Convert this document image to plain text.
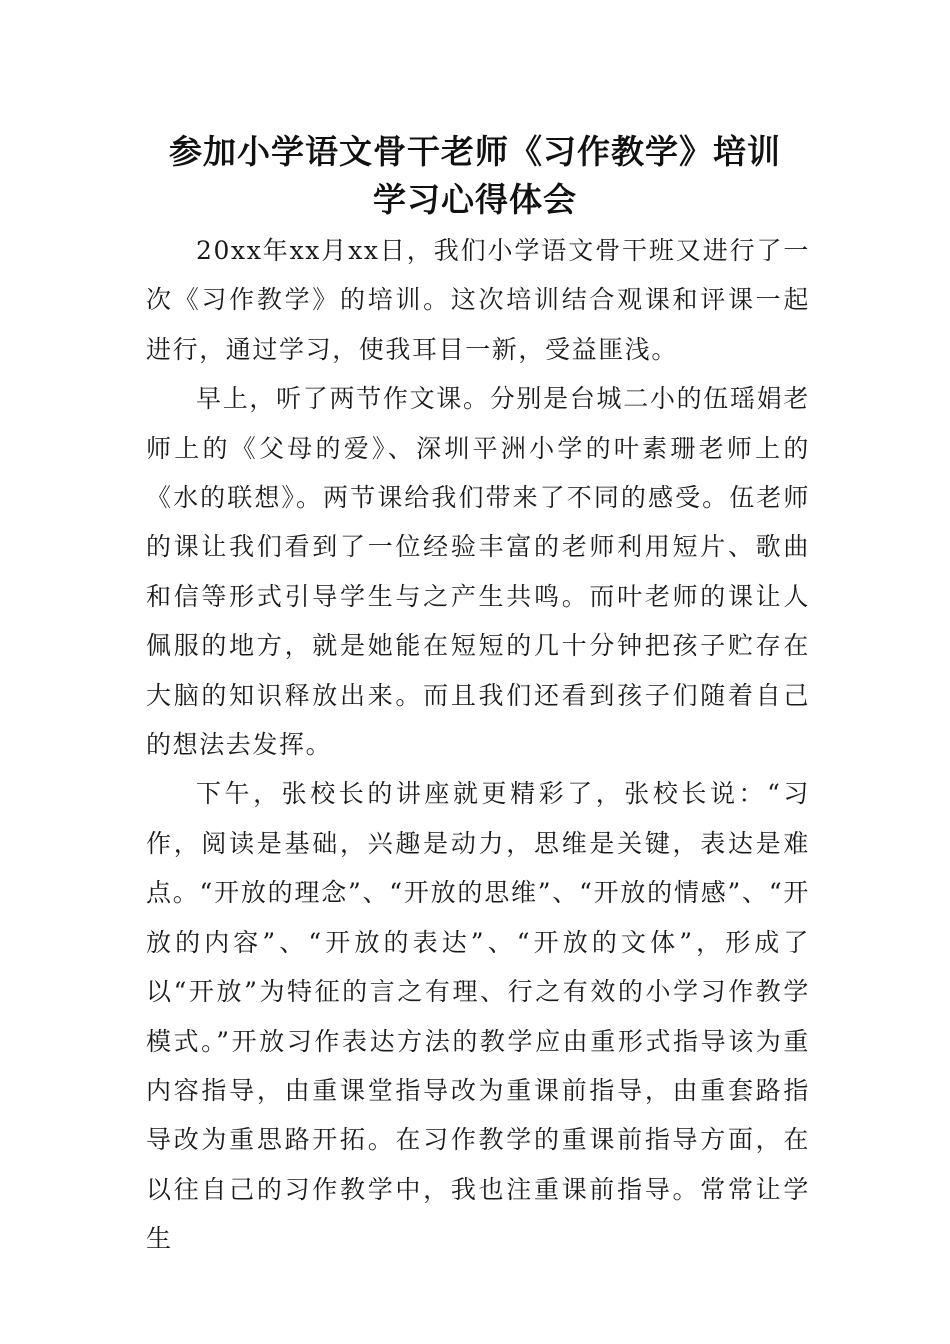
参加小学语文骨干老师《习作教学》培训
学习心得体会

20xx年xx月xx日，我们小学语文骨干班又进行了一次《习作教学》的培训。这次培训结合观课和评课一起进行，通过学习，使我耳目一新，受益匪浅。

早上，听了两节作文课。分别是台城二小的伍瑶娟老师上的《父母的爱》、深圳平洲小学的叶素珊老师上的《水的联想》。两节课给我们带来了不同的感受。伍老师的课让我们看到了一位经验丰富的老师利用短片、歌曲和信等形式引导学生与之产生共鸣。而叶老师的课让人佩服的地方，就是她能在短短的几十分钟把孩子贮存在大脑的知识释放出来。而且我们还看到孩子们随着自己的想法去发挥。

下午，张校长的讲座就更精彩了，张校长说：“习作，阅读是基础，兴趣是动力，思维是关键，表达是难点。“开放的理念”、“开放的思维”、“开放的情感”、“开放的内容”、“开放的表达”、“开放的文体”，形成了以“开放”为特征的言之有理、行之有效的小学习作教学模式。”开放习作表达方法的教学应由重形式指导该为重内容指导，由重课堂指导改为重课前指导，由重套路指导改为重思路开拓。在习作教学的重课前指导方面，在以往自己的习作教学中，我也注重课前指导。常常让学生
